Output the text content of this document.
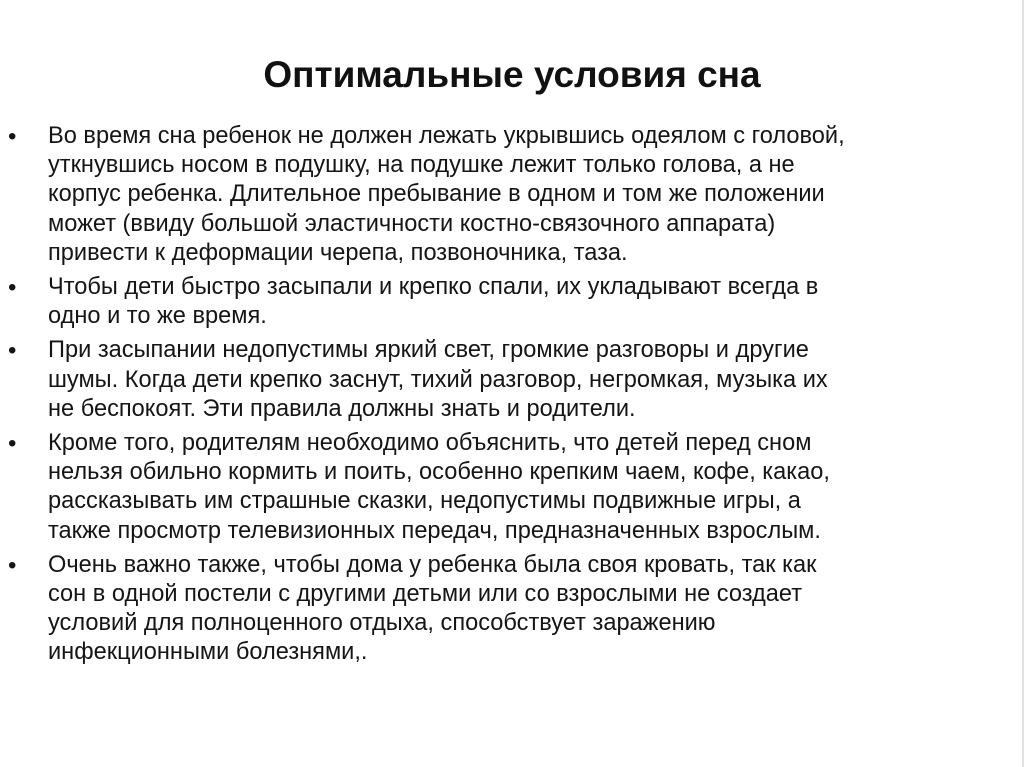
Оптимальные условия сна
•	Во время сна ребенок не должен лежать укрывшись одеялом с головой,
уткнувшись носом в подушку, на подушке лежит только голова, а не
корпус ребенка. Длительное пребывание в одном и том же положении
может (ввиду большой эластичности костно-связочного аппарата)
привести к деформации черепа, позвоночника, таза.
•	Чтобы дети быстро засыпали и крепко спали, их укладывают всегда в
одно и то же время.
•	При засыпании недопустимы яркий свет, громкие разговоры и другие
шумы. Когда дети крепко заснут, тихий разговор, негромкая, музыка их
не беспокоят. Эти правила должны знать и родители.
•	Кроме того, родителям необходимо объяснить, что детей перед сном
нельзя обильно кормить и поить, особенно крепким чаем, кофе, какао,
рассказывать им страшные сказки, недопустимы подвижные игры, а
также просмотр телевизионных передач, предназначенных взрослым.
•	Очень важно также, чтобы дома у ребенка была своя кровать, так как
сон в одной постели с другими детьми или со взрослыми не создает
условий для полноценного отдыха, способствует заражению
инфекционными болезнями,.
